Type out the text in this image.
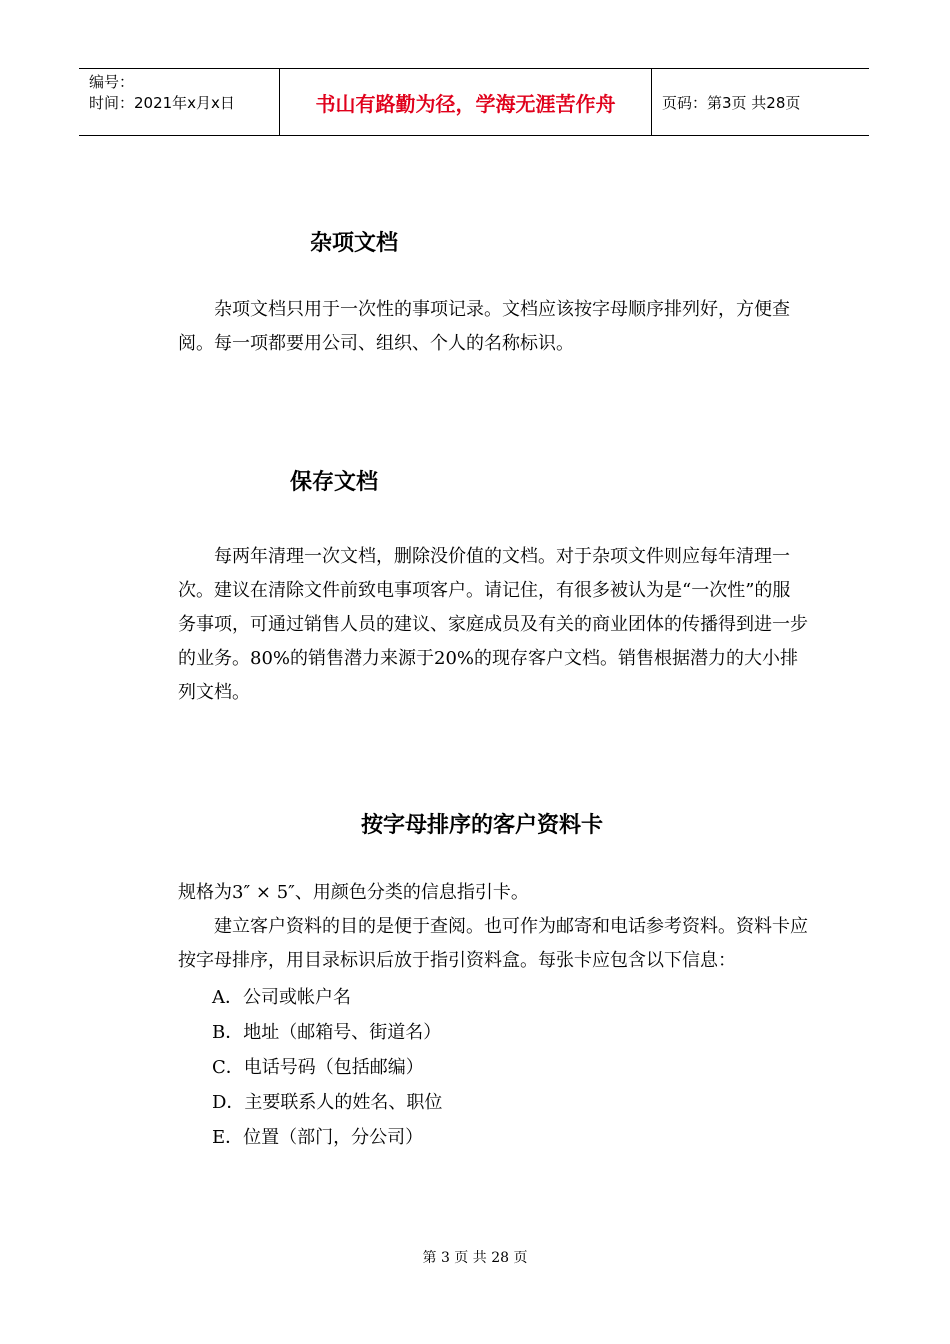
编号：
时间：2021年x月x日	书山有路勤为径，学海无涯苦作舟	页码：第3页 共28页
杂项文档
杂项文档只用于一次性的事项记录。文档应该按字母顺序排列好，方便查阅。每一项都要用公司、组织、个人的名称标识。
保存文档
每两年清理一次文档，删除没价值的文档。对于杂项文件则应每年清理一次。建议在清除文件前致电事项客户。请记住，有很多被认为是“一次性”的服务事项，可通过销售人员的建议、家庭成员及有关的商业团体的传播得到进一步的业务。80%的销售潜力来源于20%的现存客户文档。销售根据潜力的大小排列文档。
按字母排序的客户资料卡
规格为3″ × 5″、用颜色分类的信息指引卡。
建立客户资料的目的是便于查阅。也可作为邮寄和电话参考资料。资料卡应按字母排序，用目录标识后放于指引资料盒。每张卡应包含以下信息：
A．公司或帐户名
B．地址（邮箱号、街道名）
C．电话号码（包括邮编）
D．主要联系人的姓名、职位
E．位置（部门，分公司）
第 3 页 共 28 页
